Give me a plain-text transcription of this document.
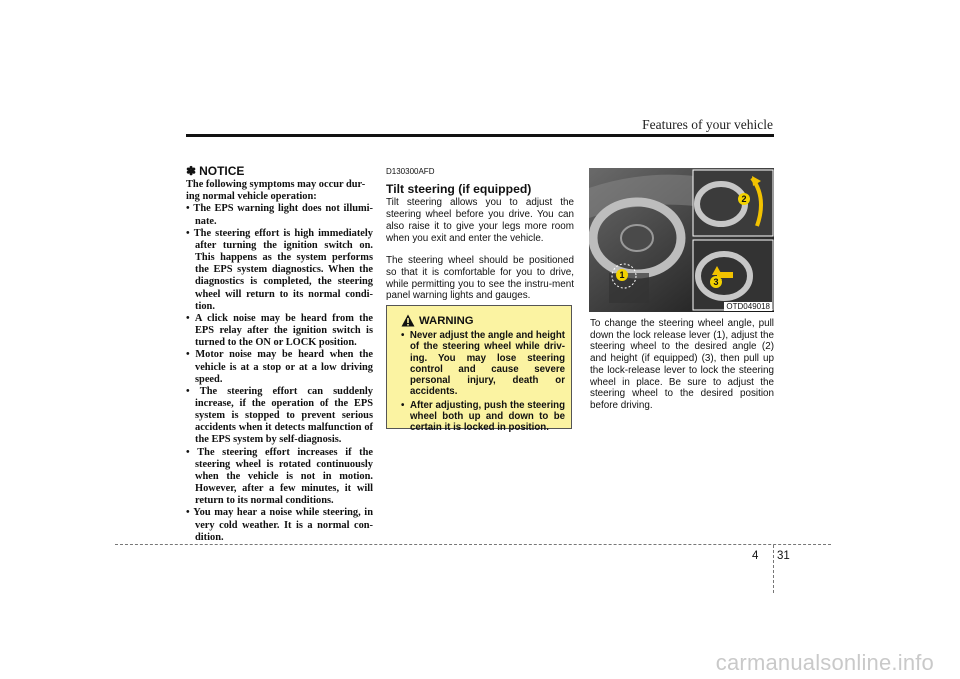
Features of your vehicle
✽ NOTICE
The following symptoms may occur dur-ing normal vehicle operation:
• The EPS warning light does not illumi-nate.
• The steering effort is high immediately after turning the ignition switch on. This happens as the system performs the EPS system diagnostics. When the diagnostics is completed, the steering wheel will return to its normal condi-tion.
• A click noise may be heard from the EPS relay after the ignition switch is turned to the ON or LOCK position.
• Motor noise may be heard when the vehicle is at a stop or at a low driving speed.
• The steering effort can suddenly increase, if the operation of the EPS system is stopped to prevent serious accidents when it detects malfunction of the EPS system by self-diagnosis.
• The steering effort increases if the steering wheel is rotated continuously when the vehicle is not in motion. However, after a few minutes, it will return to its normal conditions.
• You may hear a noise while steering, in very cold weather. It is a normal con-dition.
D130300AFD
Tilt steering (if equipped)

Tilt steering allows you to adjust the steering wheel before you drive. You can also raise it to give your legs more room when you exit and enter the vehicle.

The steering wheel should be positioned so that it is comfortable for you to drive, while permitting you to see the instru-ment panel warning lights and gauges.

WARNING
•  Never adjust the angle and height of the steering wheel while driv-ing. You may lose steering control and cause severe personal injury, death or accidents.
•  After adjusting, push the steering wheel both up and down to be certain it is locked in position.
1
2
3
OTD049018
To change the steering wheel angle, pull down the lock release lever (1), adjust the steering wheel to the desired angle (2) and height (if equipped) (3), then pull up the lock-release lever to lock the steering wheel in place. Be sure to adjust the steering wheel to the desired position before driving.
4 31
carmanualsonline.info
